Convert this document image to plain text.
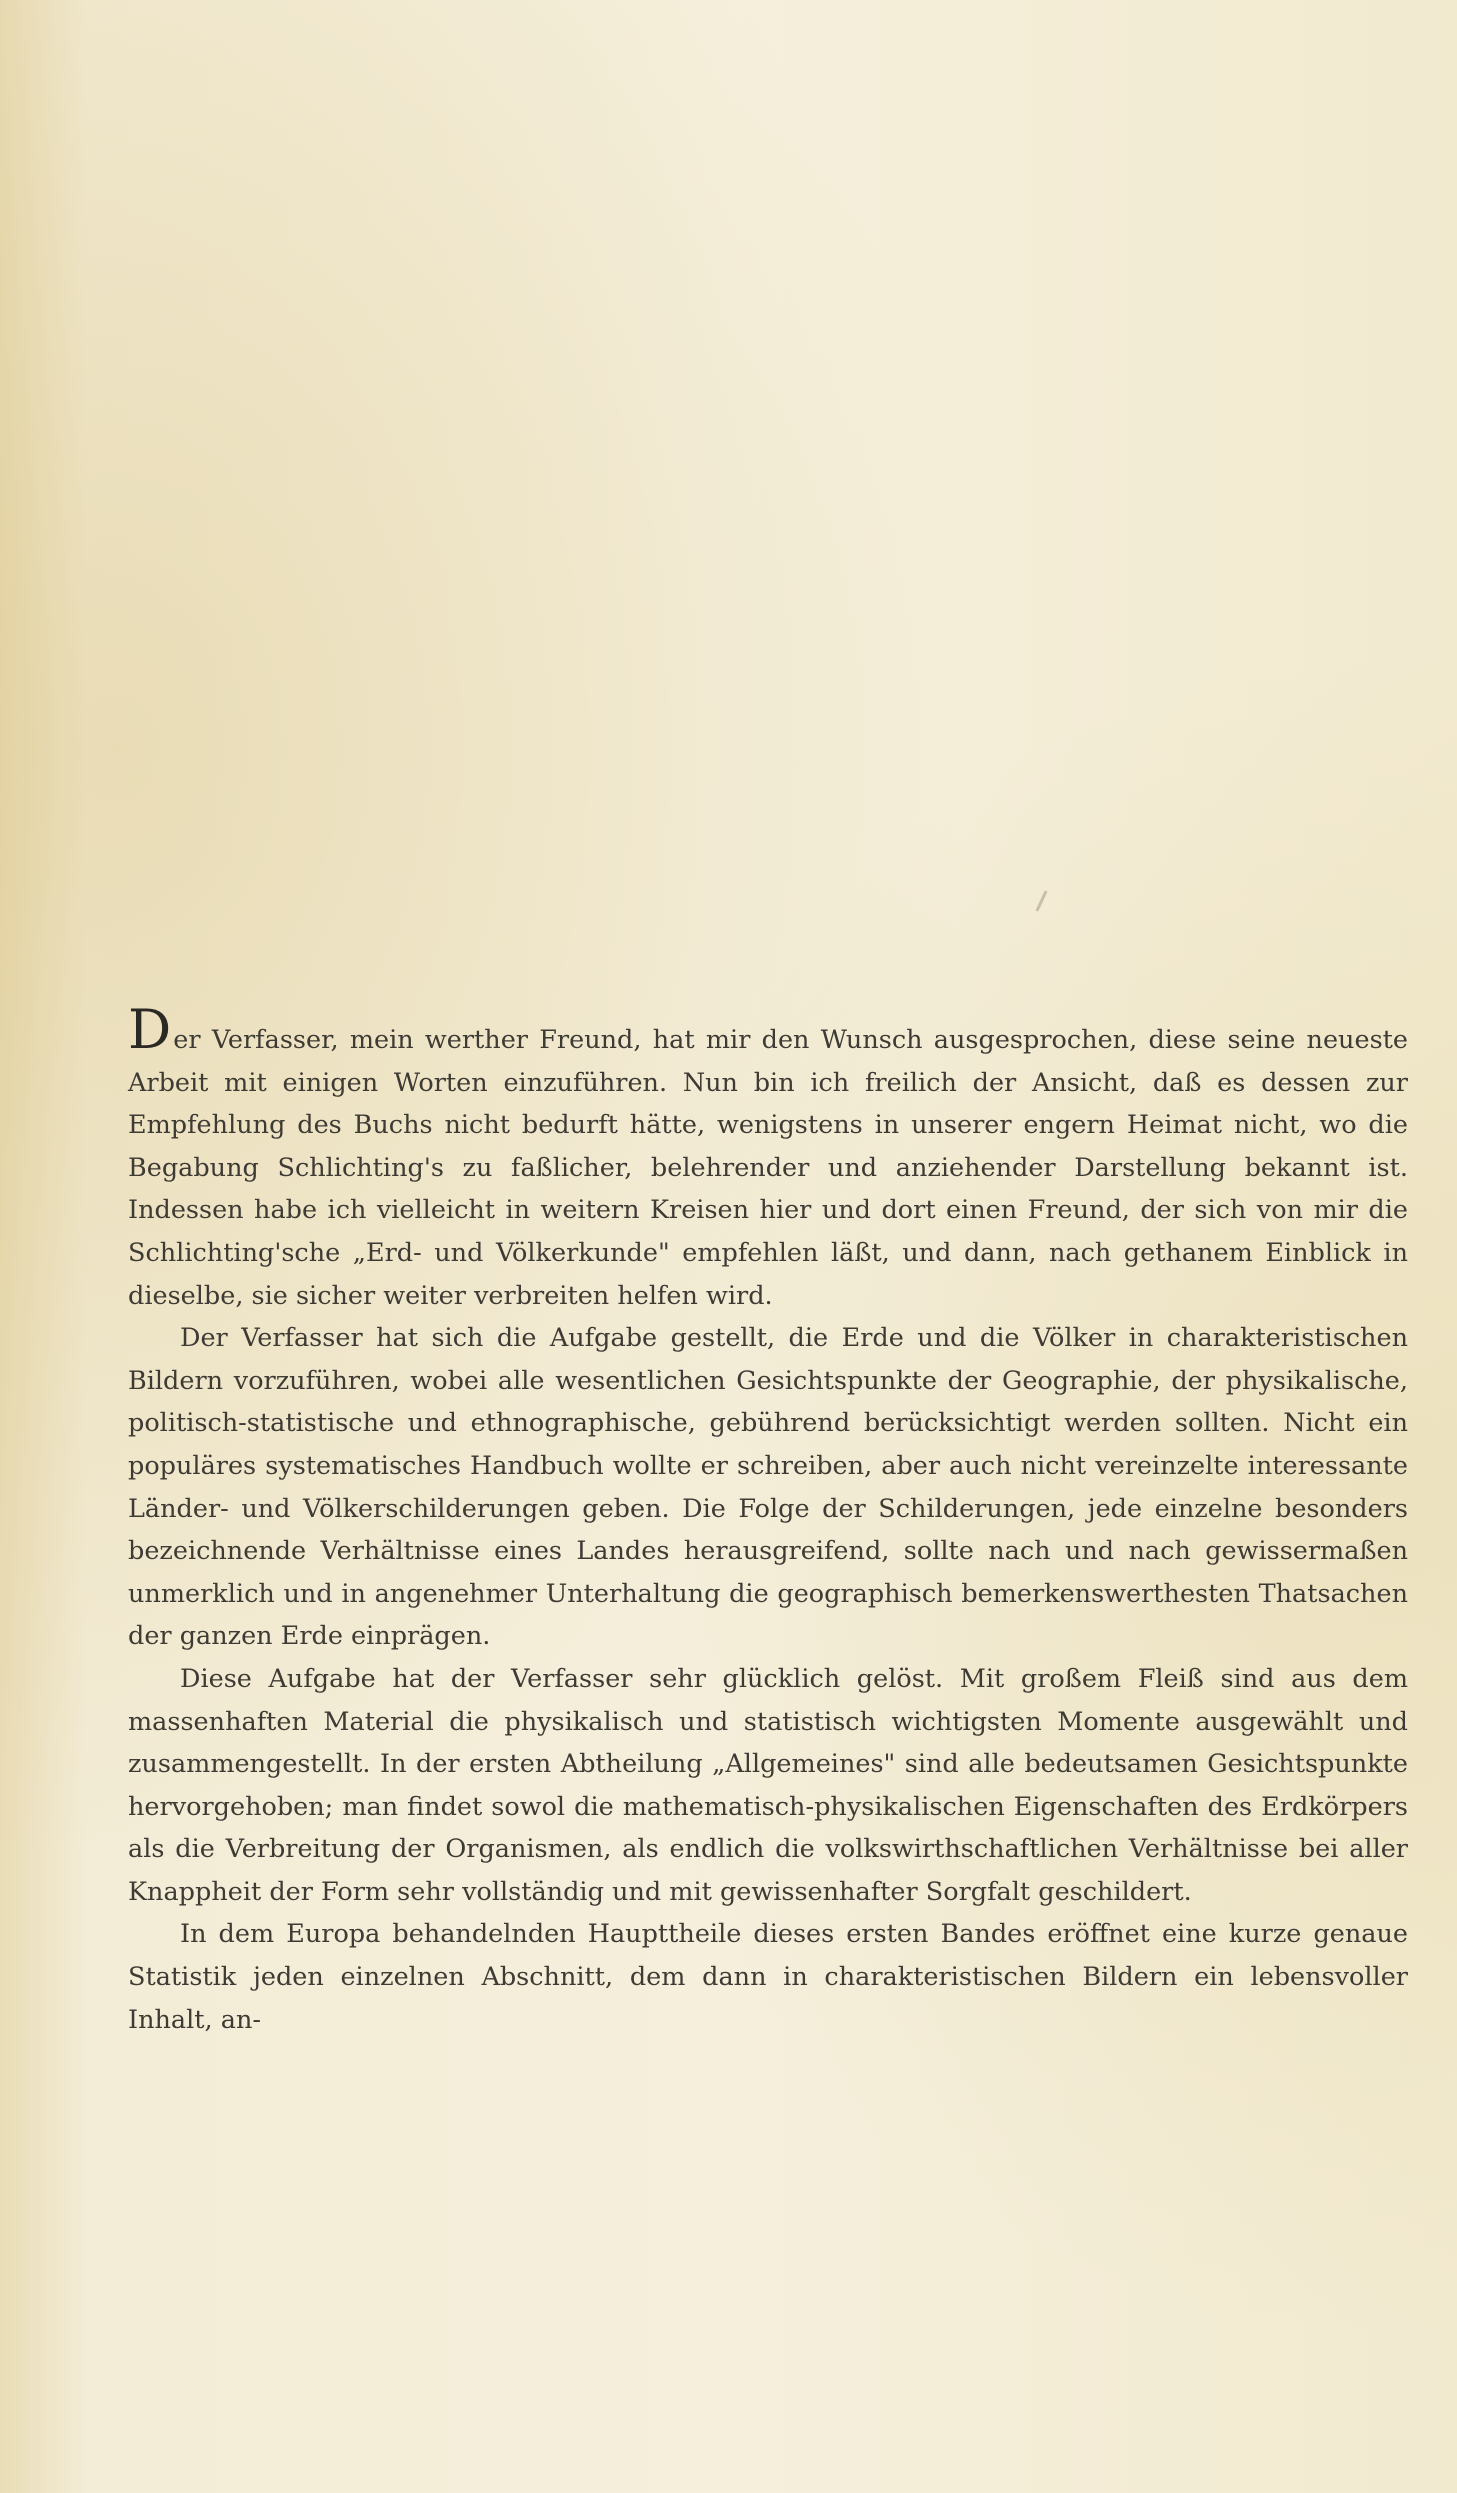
Der Verfasser, mein werther Freund, hat mir den Wunsch ausgesprochen, diese seine neueste Arbeit mit einigen Worten einzuführen. Nun bin ich freilich der Ansicht, daß es dessen zur Empfehlung des Buchs nicht bedurft hätte, wenigstens in unserer engern Heimat nicht, wo die Begabung Schlichting's zu faßlicher, belehrender und anziehender Darstellung bekannt ist. Indessen habe ich vielleicht in weitern Kreisen hier und dort einen Freund, der sich von mir die Schlichting'sche „Erd- und Völkerkunde" empfehlen läßt, und dann, nach gethanem Einblick in dieselbe, sie sicher weiter verbreiten helfen wird.

Der Verfasser hat sich die Aufgabe gestellt, die Erde und die Völker in charakteristischen Bildern vorzuführen, wobei alle wesentlichen Gesichtspunkte der Geographie, der physikalische, politisch-statistische und ethnographische, gebührend berücksichtigt werden sollten. Nicht ein populäres systematisches Handbuch wollte er schreiben, aber auch nicht vereinzelte interessante Länder- und Völkerschilderungen geben. Die Folge der Schilderungen, jede einzelne besonders bezeichnende Verhältnisse eines Landes herausgreifend, sollte nach und nach gewissermaßen unmerklich und in angenehmer Unterhaltung die geographisch bemerkenswerthesten Thatsachen der ganzen Erde einprägen.

Diese Aufgabe hat der Verfasser sehr glücklich gelöst. Mit großem Fleiß sind aus dem massenhaften Material die physikalisch und statistisch wichtigsten Momente ausgewählt und zusammengestellt. In der ersten Abtheilung „Allgemeines" sind alle bedeutsamen Gesichtspunkte hervorgehoben; man findet sowol die mathematisch-physikalischen Eigenschaften des Erdkörpers als die Verbreitung der Organismen, als endlich die volkswirthschaftlichen Verhältnisse bei aller Knappheit der Form sehr vollständig und mit gewissenhafter Sorgfalt geschildert.

In dem Europa behandelnden Haupttheile dieses ersten Bandes eröffnet eine kurze genaue Statistik jeden einzelnen Abschnitt, dem dann in charakteristischen Bildern ein lebensvoller Inhalt, an-
